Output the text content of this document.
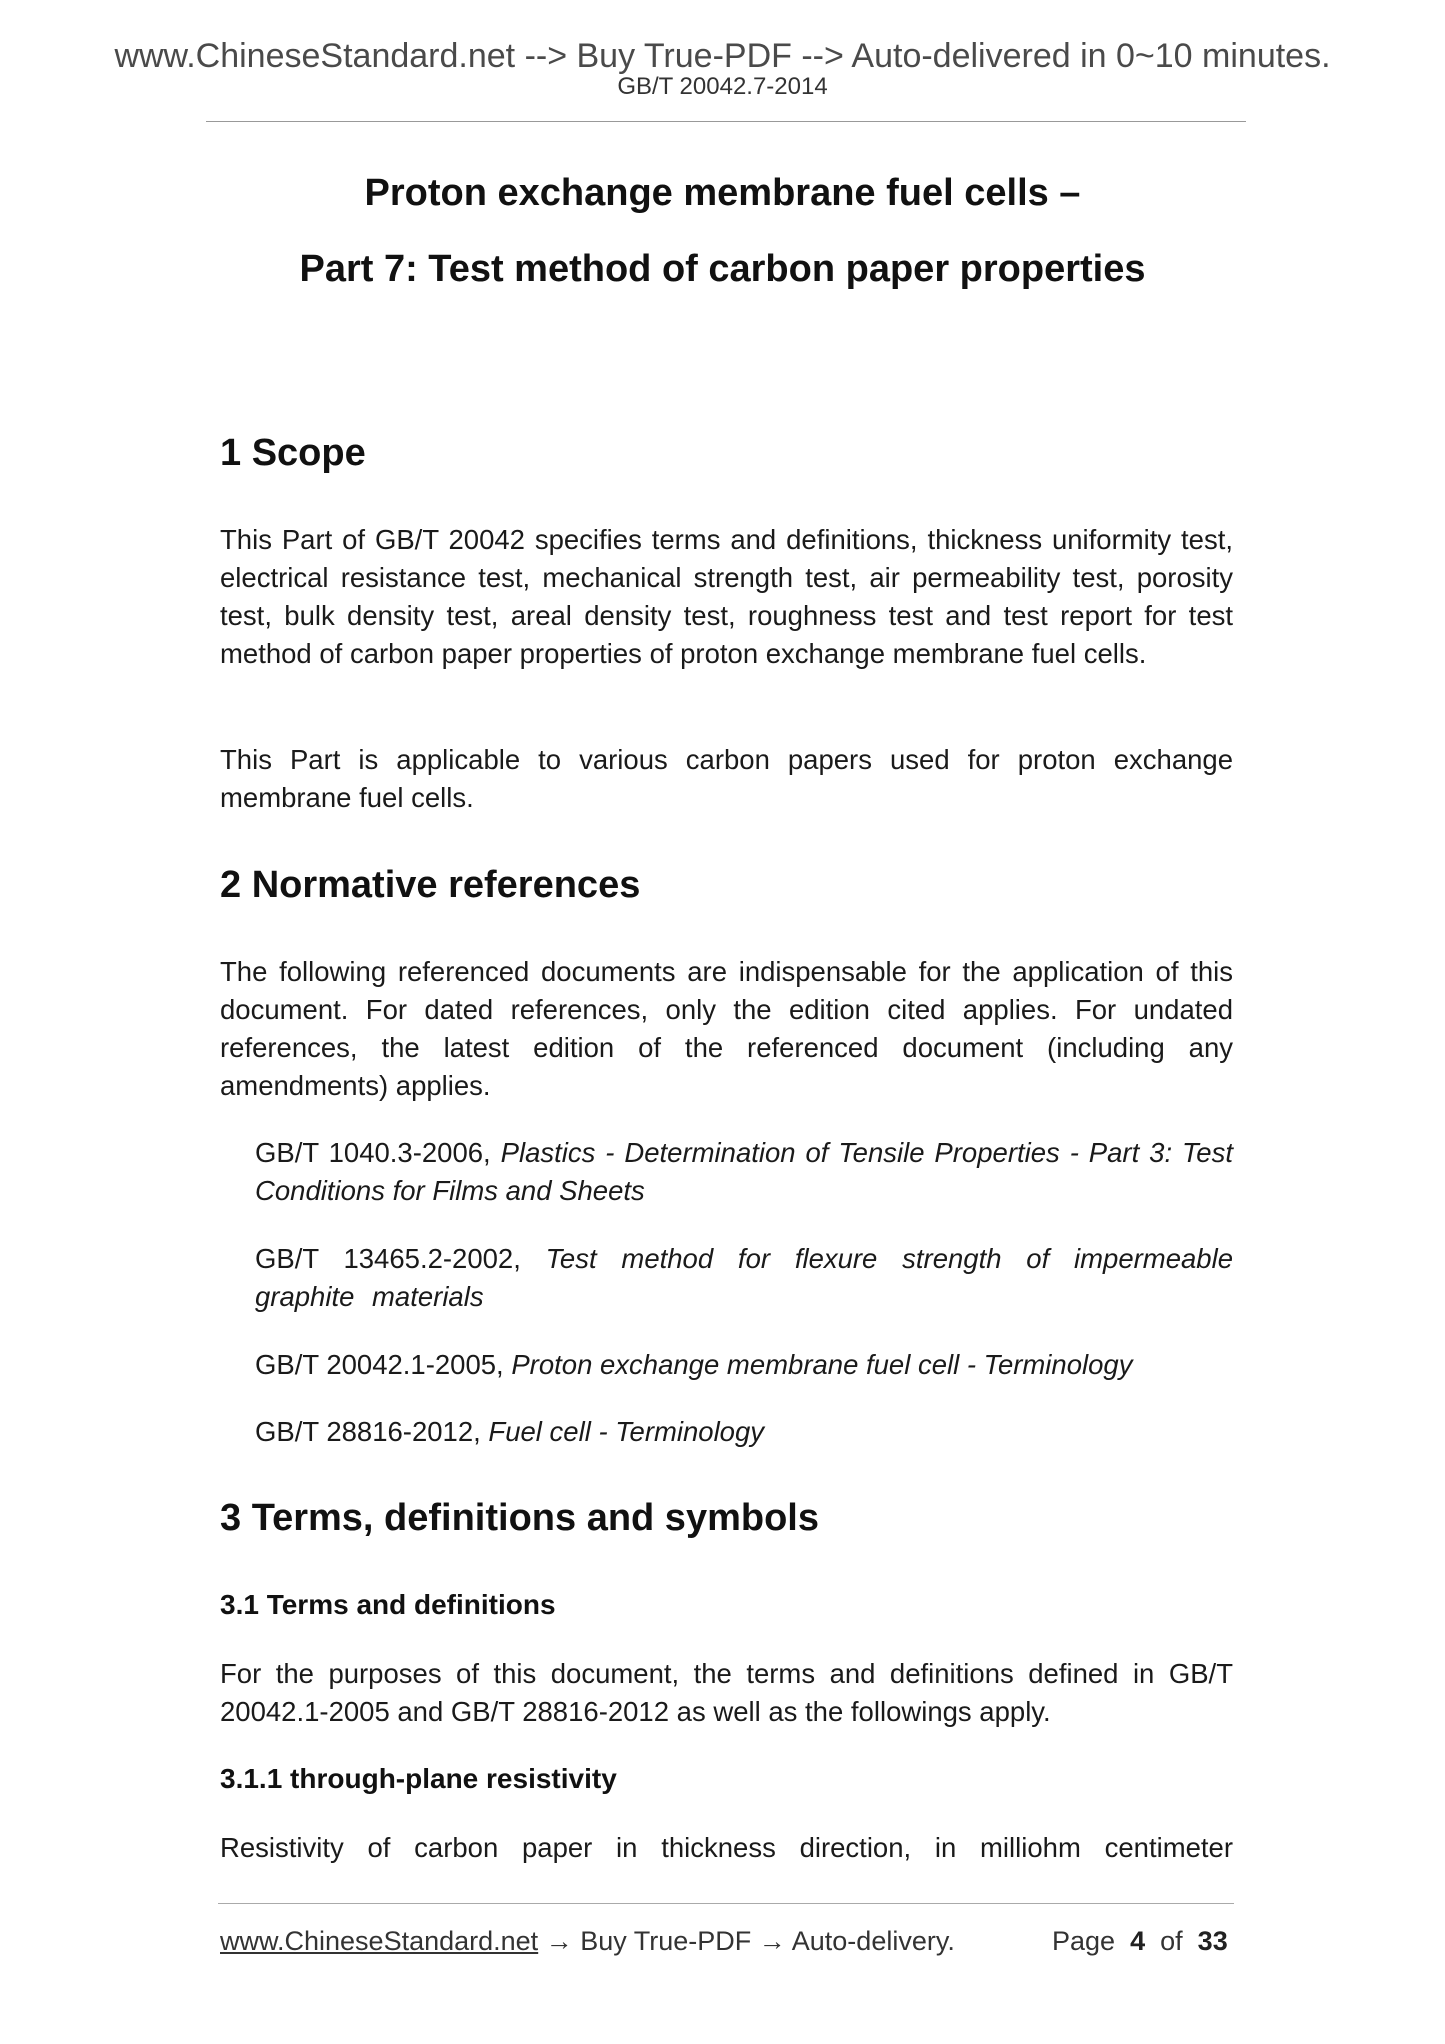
www.ChineseStandard.net --> Buy True-PDF --> Auto-delivered in 0~10 minutes.
GB/T 20042.7-2014
Proton exchange membrane fuel cells –
Part 7: Test method of carbon paper properties
1 Scope
This Part of GB/T 20042 specifies terms and definitions, thickness uniformity test, electrical resistance test, mechanical strength test, air permeability test, porosity test, bulk density test, areal density test, roughness test and test report for test method of carbon paper properties of proton exchange membrane fuel cells.
This Part is applicable to various carbon papers used for proton exchange membrane fuel cells.
2 Normative references
The following referenced documents are indispensable for the application of this document. For dated references, only the edition cited applies. For undated references, the latest edition of the referenced document (including any amendments) applies.
GB/T 1040.3-2006, Plastics - Determination of Tensile Properties - Part 3: Test Conditions for Films and Sheets
GB/T 13465.2-2002, Test method for flexure strength of impermeable graphite materials
GB/T 20042.1-2005, Proton exchange membrane fuel cell - Terminology
GB/T 28816-2012, Fuel cell - Terminology
3 Terms, definitions and symbols
3.1 Terms and definitions
For the purposes of this document, the terms and definitions defined in GB/T 20042.1-2005 and GB/T 28816-2012 as well as the followings apply.
3.1.1 through-plane resistivity
Resistivity of carbon paper in thickness direction, in milliohm centimeter
www.ChineseStandard.net → Buy True-PDF → Auto-delivery.	Page 4 of 33
